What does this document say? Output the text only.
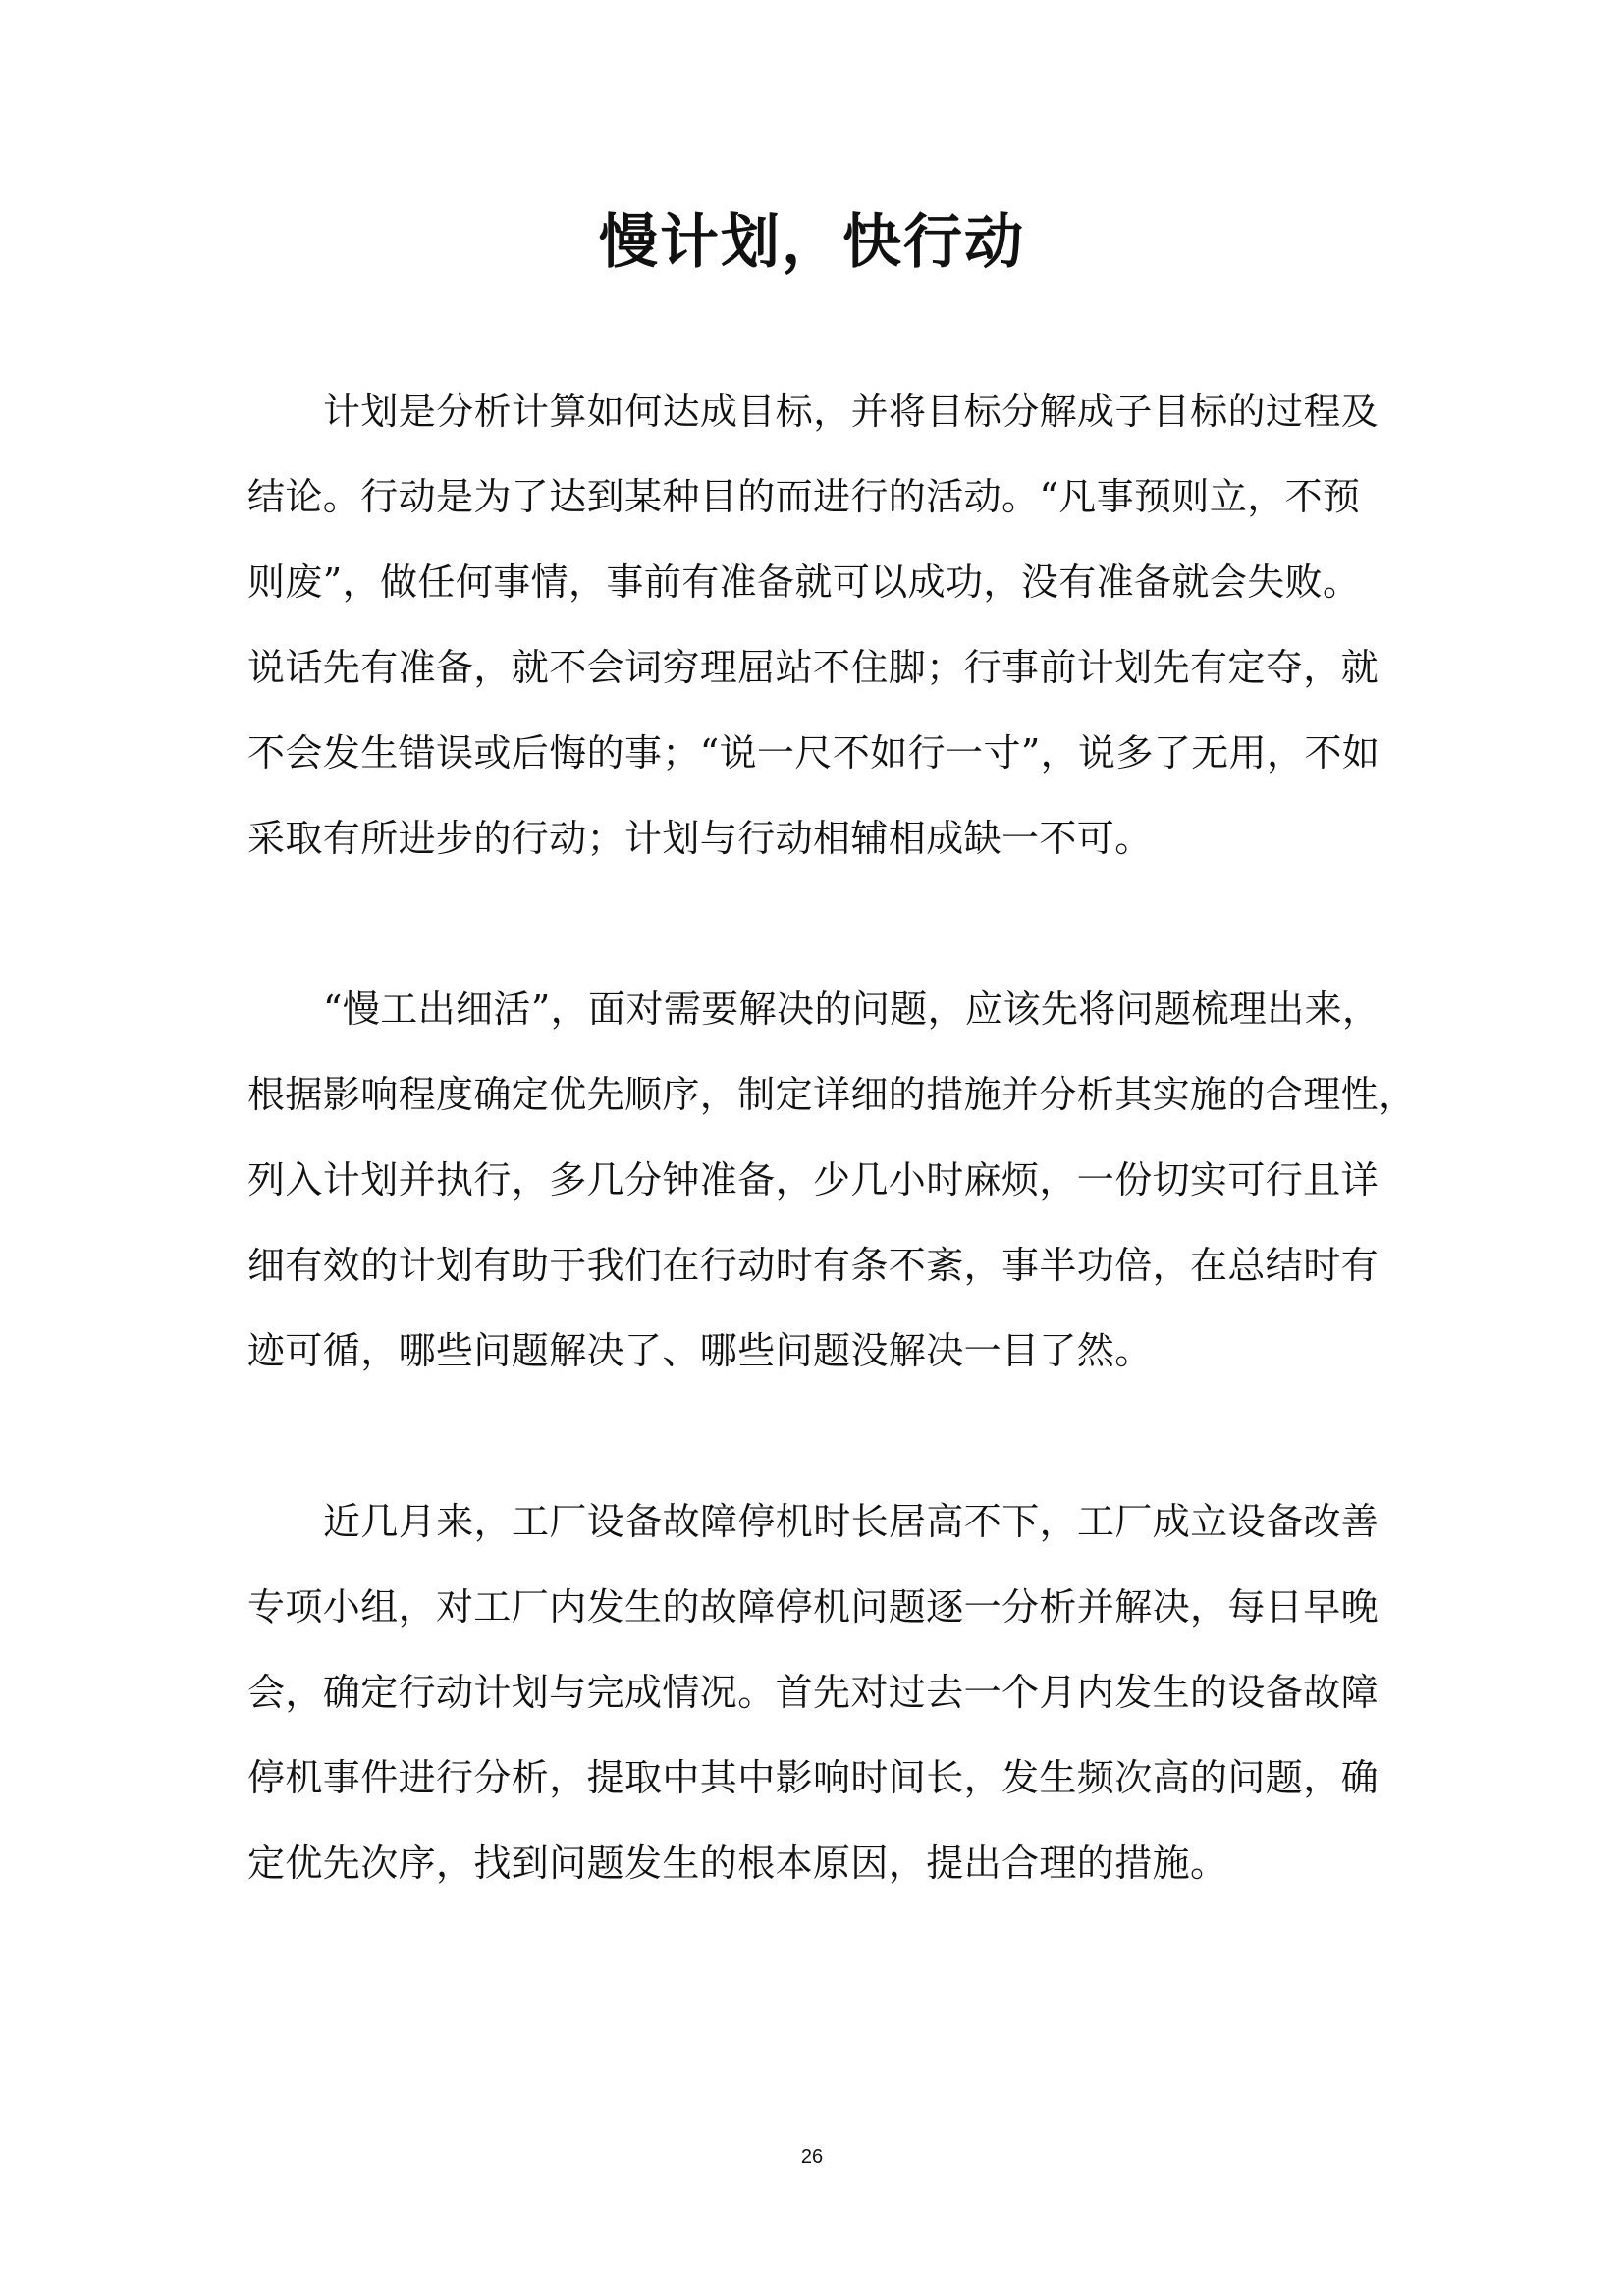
慢计划，快行动
计划是分析计算如何达成目标，并将目标分解成子目标的过程及
结论。行动是为了达到某种目的而进行的活动。“凡事预则立，不预
则废”，做任何事情，事前有准备就可以成功，没有准备就会失败。
说话先有准备，就不会词穷理屈站不住脚；行事前计划先有定夺，就
不会发生错误或后悔的事；“说一尺不如行一寸”，说多了无用，不如
采取有所进步的行动；计划与行动相辅相成缺一不可。
“慢工出细活”，面对需要解决的问题，应该先将问题梳理出来，
根据影响程度确定优先顺序，制定详细的措施并分析其实施的合理性，
列入计划并执行，多几分钟准备，少几小时麻烦，一份切实可行且详
细有效的计划有助于我们在行动时有条不紊，事半功倍，在总结时有
迹可循，哪些问题解决了、哪些问题没解决一目了然。
近几月来，工厂设备故障停机时长居高不下，工厂成立设备改善
专项小组，对工厂内发生的故障停机问题逐一分析并解决，每日早晚
会，确定行动计划与完成情况。首先对过去一个月内发生的设备故障
停机事件进行分析，提取中其中影响时间长，发生频次高的问题，确
定优先次序，找到问题发生的根本原因，提出合理的措施。
26
